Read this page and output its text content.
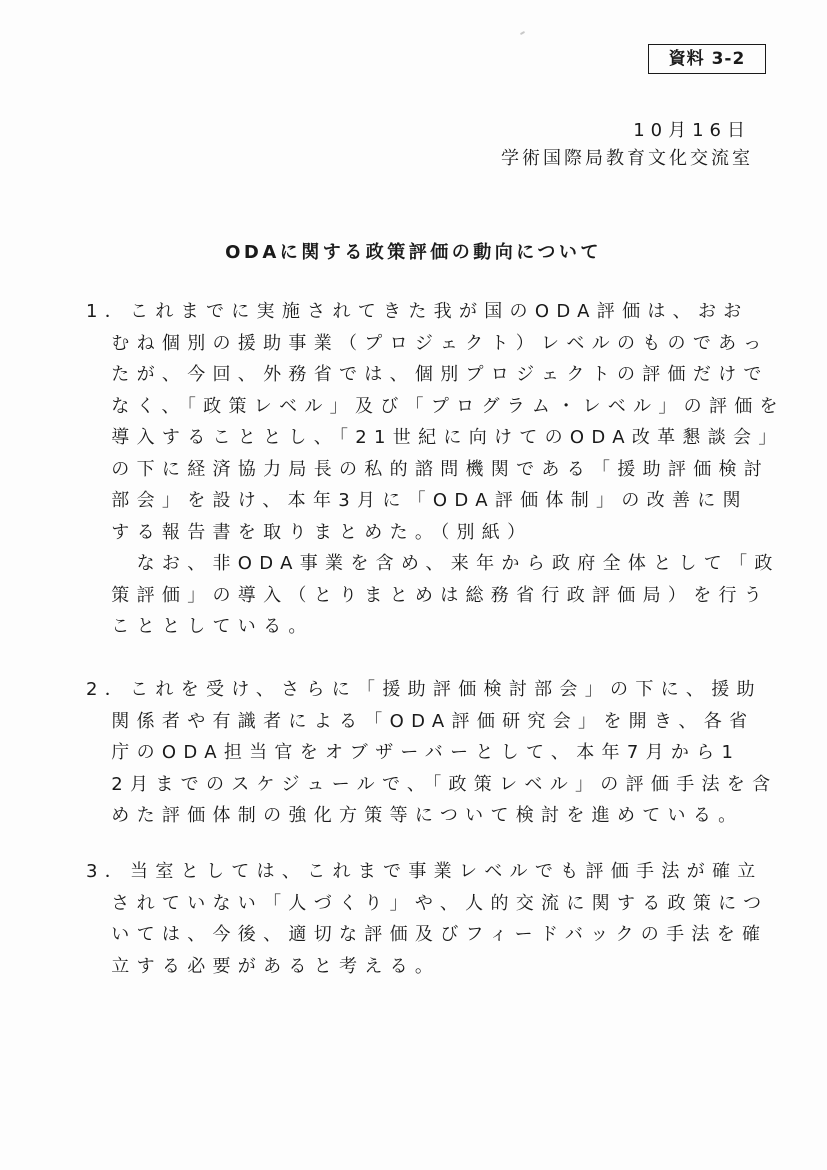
資料 3-2
10月16日
学術国際局教育文化交流室
ODAに関する政策評価の動向について
1．これまでに実施されてきた我が国のODA評価は、おお
　むね個別の援助事業（プロジェクト）レベルのものであっ
　たが、今回、外務省では、個別プロジェクトの評価だけで
　なく、「政策レベル」及び「プログラム・レベル」の評価を
　導入することとし、「21世紀に向けてのODA改革懇談会」
　の下に経済協力局長の私的諮問機関である「援助評価検討
　部会」を設け、本年3月に「ODA評価体制」の改善に関
　する報告書を取りまとめた。（別紙）
　　なお、非ODA事業を含め、来年から政府全体として「政
　策評価」の導入（とりまとめは総務省行政評価局）を行う
　こととしている。
2．これを受け、さらに「援助評価検討部会」の下に、援助
　関係者や有識者による「ODA評価研究会」を開き、各省
　庁のODA担当官をオブザーバーとして、本年7月から1
　2月までのスケジュールで、「政策レベル」の評価手法を含
　めた評価体制の強化方策等について検討を進めている。
3．当室としては、これまで事業レベルでも評価手法が確立
　されていない「人づくり」や、人的交流に関する政策につ
　いては、今後、適切な評価及びフィードバックの手法を確
　立する必要があると考える。
